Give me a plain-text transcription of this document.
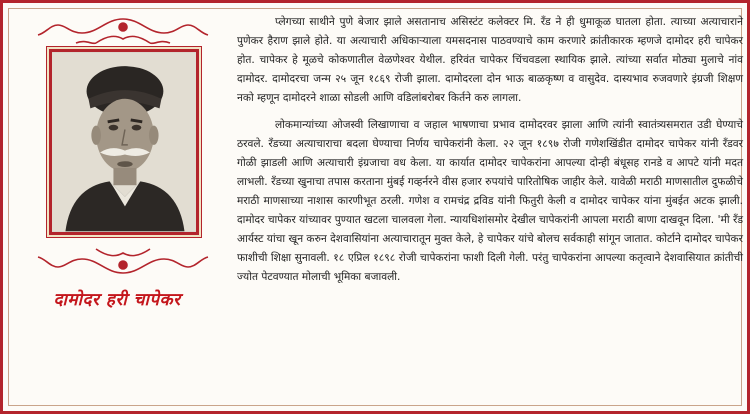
दामोदर हरी चापेकर

प्लेगच्या साथीने पुणे बेजार झाले असतानाच असिस्टंट कलेक्टर मि. रँड ने ही धुमाकूळ घातला होता. त्याच्या अत्याचाराने पुणेकर हैराण झाले होते. या अत्याचारी अधिकाऱ्याला यमसदनास पाठवण्याचे काम करणारे क्रांतीकारक म्हणजे दामोदर हरी चापेकर होत. चापेकर हे मूळचे कोकणातील वेळणेश्वर येथील. हरिवंत चापेकर चिंचवडला स्थायिक झाले. त्यांच्या सर्वात मोठ्या मुलाचे नांव दामोदर. दामोदरचा जन्म २५ जून १८६९ रोजी झाला. दामोदरला दोन भाऊ बाळकृष्ण व वासुदेव. दास्यभाव रुजवणारे इंग्रजी शिक्षण नको म्हणून दामोदरने शाळा सोडली आणि वडिलांबरोबर किर्तने करु लागला.

लोकमान्यांच्या ओजस्वी लिखाणाचा व जहाल भाषणाचा प्रभाव दामोदरवर झाला आणि त्यांनी स्वातंत्र्यसमरात उडी घेण्याचे ठरवले. रँडच्या अत्याचाराचा बदला घेण्याचा निर्णय चापेकरांनी केला. २२ जून १८९७ रोजी गणेशखिंडीत दामोदर चापेकर यांनी रँडवर गोळी झाडली आणि अत्याचारी इंग्रजाचा वध केला. या कार्यात दामोदर चापेकरांना आपल्या दोन्ही बंधूसह रानडे व आपटे यांनी मदत लाभली. रँडच्या खुनाचा तपास करताना मुंबई गव्हर्नरने वीस हजार रुपयांचे पारितोषिक जाहीर केले. यावेळी मराठी माणसातील दुफळीचे मराठी माणसाच्या नाशास कारणीभूत ठरली. गणेश व रामचंद्र द्रविड यांनी फितुरी केली व दामोदर चापेकर यांना मुंबईत अटक झाली. दामोदर चापेकर यांच्यावर पुण्यात खटला चालवला गेला. न्यायधिशांसमोर देखील चापेकरांनी आपला मराठी बाणा दाखवून दिला. 'मी रँड आर्यस्ट यांचा खून करुन देशवासियांना अत्याचारातून मुक्त केले, हे चापेकर यांचे बोलच सर्वकाही सांगून जातात. कोर्टाने दामोदर चापेकर फाशीची शिक्षा सुनावली. १८ एप्रिल १८९८ रोजी चापेकरांना फाशी दिली गेली. परंतु चापेकरांना आपल्या कतृत्वाने देशवासियात क्रांतीची ज्योत पेटवण्यात मोलाची भूमिका बजावली.
